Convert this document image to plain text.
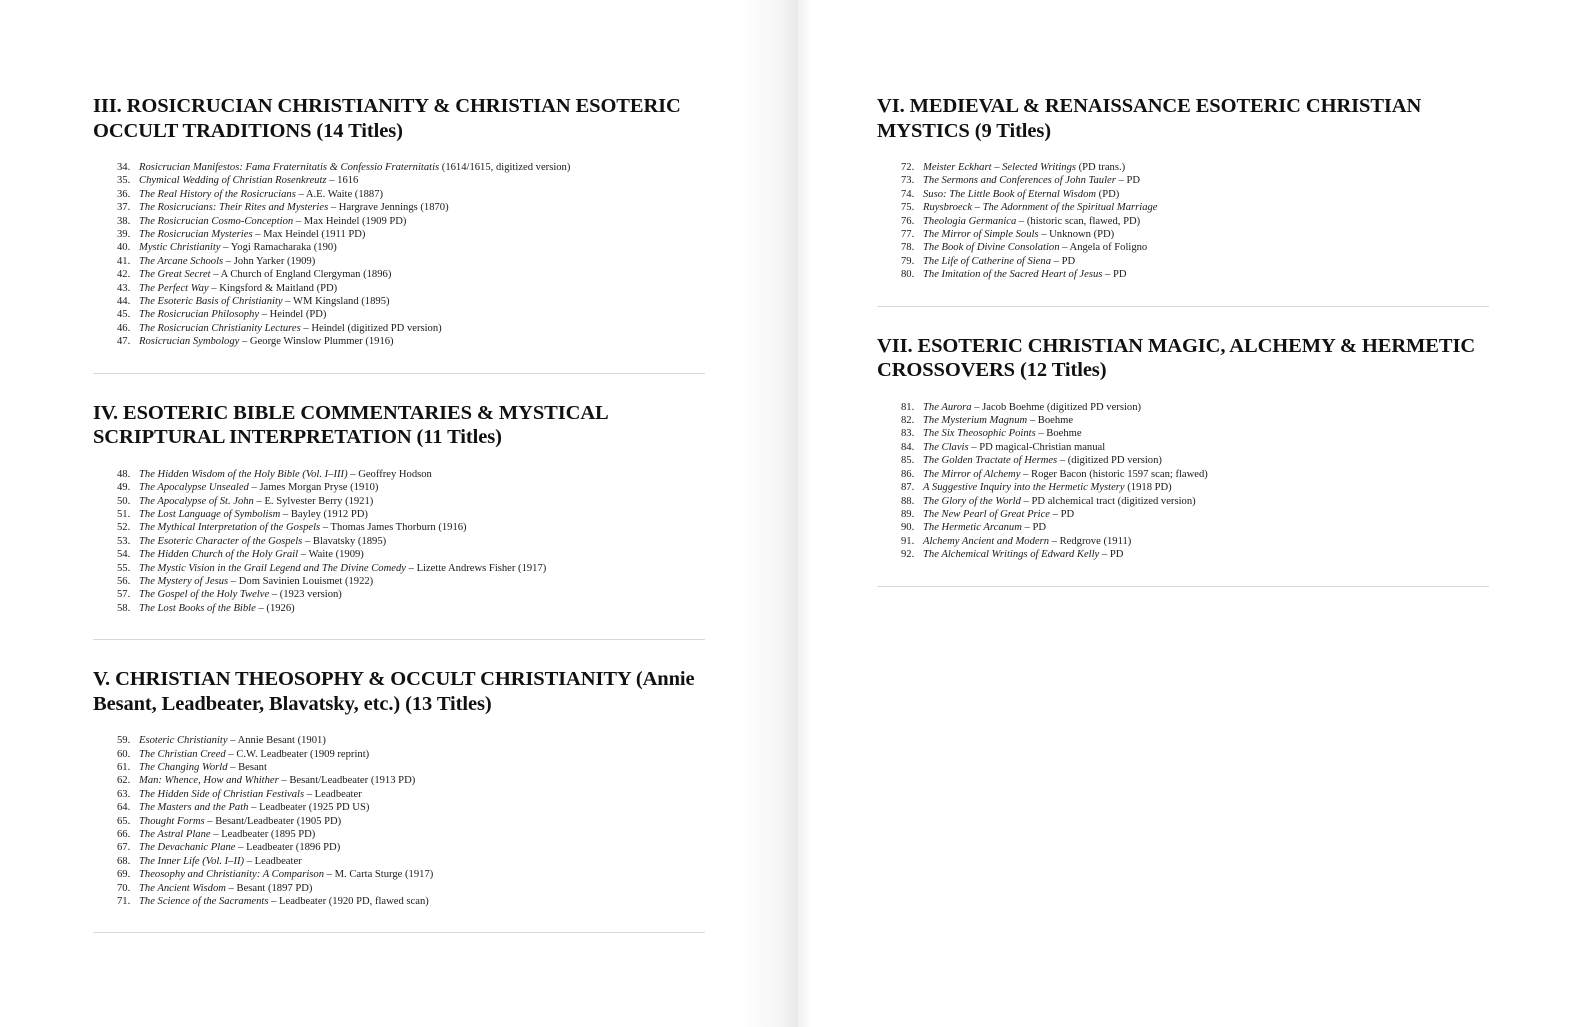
III. ROSICRUCIAN CHRISTIANITY & CHRISTIAN ESOTERIC OCCULT TRADITIONS (14 Titles)
34. Rosicrucian Manifestos: Fama Fraternitatis & Confessio Fraternitatis (1614/1615, digitized version)
35. Chymical Wedding of Christian Rosenkreutz – 1616
36. The Real History of the Rosicrucians – A.E. Waite (1887)
37. The Rosicrucians: Their Rites and Mysteries – Hargrave Jennings (1870)
38. The Rosicrucian Cosmo-Conception – Max Heindel (1909 PD)
39. The Rosicrucian Mysteries – Max Heindel (1911 PD)
40. Mystic Christianity – Yogi Ramacharaka (190)
41. The Arcane Schools – John Yarker (1909)
42. The Great Secret – A Church of England Clergyman (1896)
43. The Perfect Way – Kingsford & Maitland (PD)
44. The Esoteric Basis of Christianity – WM Kingsland (1895)
45. The Rosicrucian Philosophy – Heindel (PD)
46. The Rosicrucian Christianity Lectures – Heindel (digitized PD version)
47. Rosicrucian Symbology – George Winslow Plummer (1916)
IV. ESOTERIC BIBLE COMMENTARIES & MYSTICAL SCRIPTURAL INTERPRETATION (11 Titles)
48. The Hidden Wisdom of the Holy Bible (Vol. I–III) – Geoffrey Hodson
49. The Apocalypse Unsealed – James Morgan Pryse (1910)
50. The Apocalypse of St. John – E. Sylvester Berry (1921)
51. The Lost Language of Symbolism – Bayley (1912 PD)
52. The Mythical Interpretation of the Gospels – Thomas James Thorburn (1916)
53. The Esoteric Character of the Gospels – Blavatsky (1895)
54. The Hidden Church of the Holy Grail – Waite (1909)
55. The Mystic Vision in the Grail Legend and The Divine Comedy – Lizette Andrews Fisher (1917)
56. The Mystery of Jesus – Dom Savinien Louismet (1922)
57. The Gospel of the Holy Twelve – (1923 version)
58. The Lost Books of the Bible – (1926)
V. CHRISTIAN THEOSOPHY & OCCULT CHRISTIANITY (Annie Besant, Leadbeater, Blavatsky, etc.) (13 Titles)
59. Esoteric Christianity – Annie Besant (1901)
60. The Christian Creed – C.W. Leadbeater (1909 reprint)
61. The Changing World – Besant
62. Man: Whence, How and Whither – Besant/Leadbeater (1913 PD)
63. The Hidden Side of Christian Festivals – Leadbeater
64. The Masters and the Path – Leadbeater (1925 PD US)
65. Thought Forms – Besant/Leadbeater (1905 PD)
66. The Astral Plane – Leadbeater (1895 PD)
67. The Devachanic Plane – Leadbeater (1896 PD)
68. The Inner Life (Vol. I–II) – Leadbeater
69. Theosophy and Christianity: A Comparison – M. Carta Sturge (1917)
70. The Ancient Wisdom – Besant (1897 PD)
71. The Science of the Sacraments – Leadbeater (1920 PD, flawed scan)
VI. MEDIEVAL & RENAISSANCE ESOTERIC CHRISTIAN MYSTICS (9 Titles)
72. Meister Eckhart – Selected Writings (PD trans.)
73. The Sermons and Conferences of John Tauler – PD
74. Suso: The Little Book of Eternal Wisdom (PD)
75. Ruysbroeck – The Adornment of the Spiritual Marriage
76. Theologia Germanica – (historic scan, flawed, PD)
77. The Mirror of Simple Souls – Unknown (PD)
78. The Book of Divine Consolation – Angela of Foligno
79. The Life of Catherine of Siena – PD
80. The Imitation of the Sacred Heart of Jesus – PD
VII. ESOTERIC CHRISTIAN MAGIC, ALCHEMY & HERMETIC CROSSOVERS (12 Titles)
81. The Aurora – Jacob Boehme (digitized PD version)
82. The Mysterium Magnum – Boehme
83. The Six Theosophic Points – Boehme
84. The Clavis – PD magical-Christian manual
85. The Golden Tractate of Hermes – (digitized PD version)
86. The Mirror of Alchemy – Roger Bacon (historic 1597 scan; flawed)
87. A Suggestive Inquiry into the Hermetic Mystery (1918 PD)
88. The Glory of the World – PD alchemical tract (digitized version)
89. The New Pearl of Great Price – PD
90. The Hermetic Arcanum – PD
91. Alchemy Ancient and Modern – Redgrove (1911)
92. The Alchemical Writings of Edward Kelly – PD
